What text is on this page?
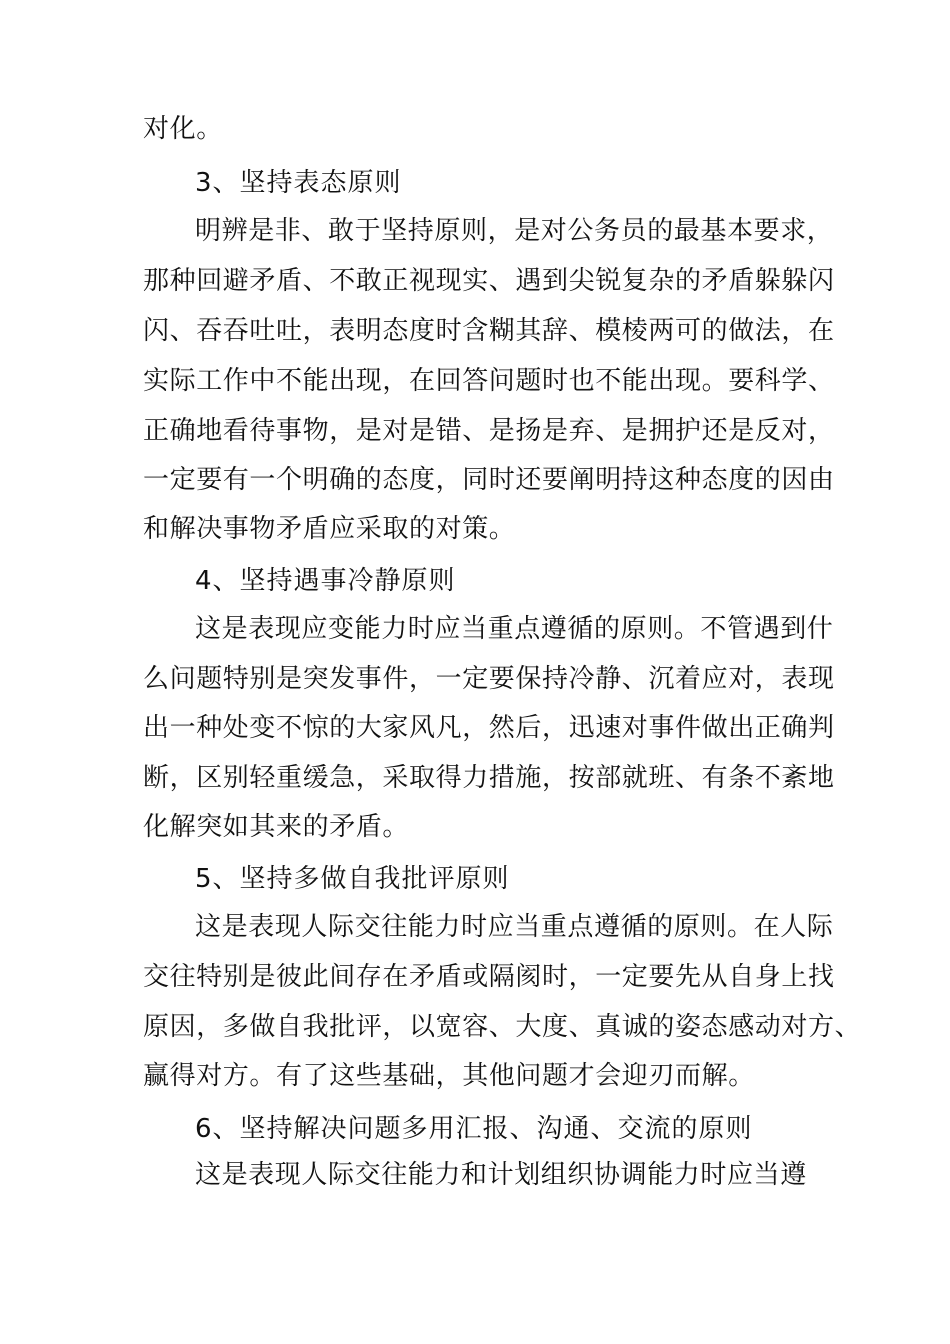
对化。
3、坚持表态原则
明辨是非、敢于坚持原则，是对公务员的最基本要求，
那种回避矛盾、不敢正视现实、遇到尖锐复杂的矛盾躲躲闪
闪、吞吞吐吐，表明态度时含糊其辞、模棱两可的做法，在
实际工作中不能出现，在回答问题时也不能出现。要科学、
正确地看待事物，是对是错、是扬是弃、是拥护还是反对，
一定要有一个明确的态度，同时还要阐明持这种态度的因由
和解决事物矛盾应采取的对策。
4、坚持遇事冷静原则
这是表现应变能力时应当重点遵循的原则。不管遇到什
么问题特别是突发事件，一定要保持冷静、沉着应对，表现
出一种处变不惊的大家风凡，然后，迅速对事件做出正确判
断，区别轻重缓急，采取得力措施，按部就班、有条不紊地
化解突如其来的矛盾。
5、坚持多做自我批评原则
这是表现人际交往能力时应当重点遵循的原则。在人际
交往特别是彼此间存在矛盾或隔阂时，一定要先从自身上找
原因，多做自我批评，以宽容、大度、真诚的姿态感动对方、
赢得对方。有了这些基础，其他问题才会迎刃而解。
6、坚持解决问题多用汇报、沟通、交流的原则
这是表现人际交往能力和计划组织协调能力时应当遵
